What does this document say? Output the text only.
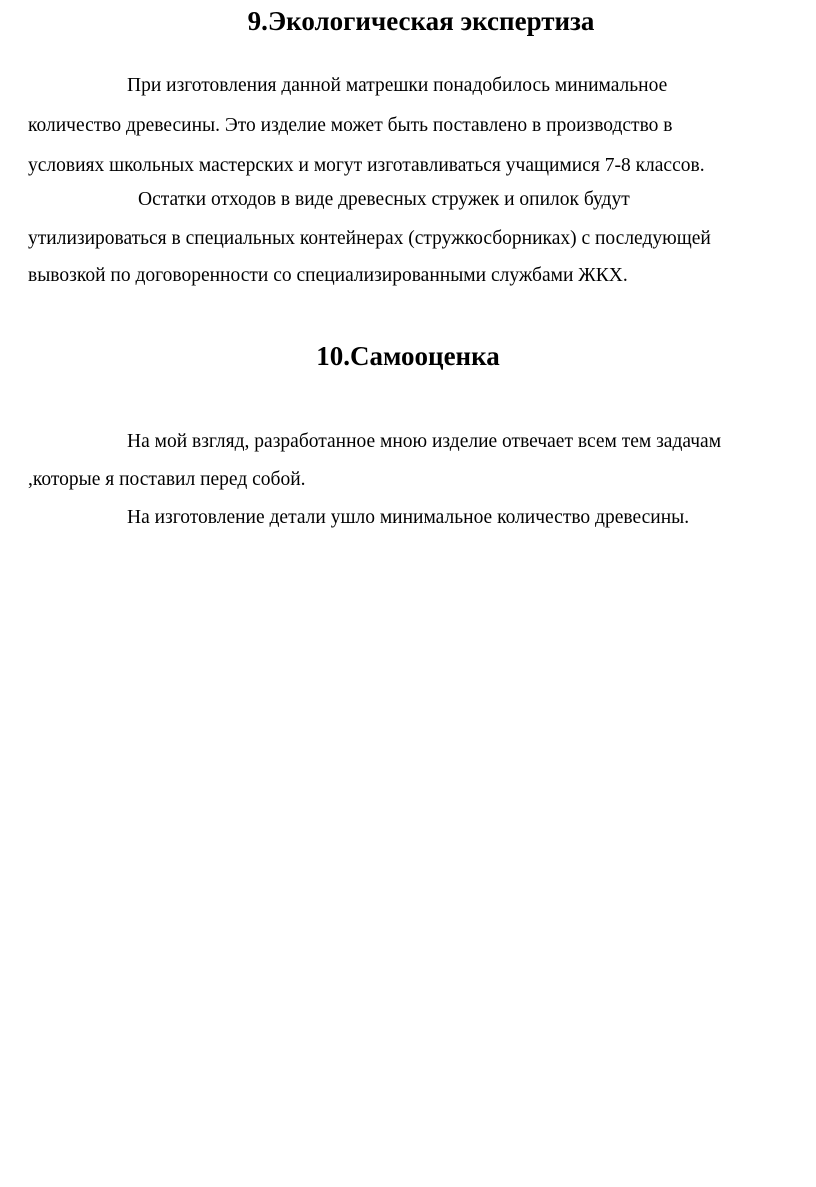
9.Экологическая экспертиза

При изготовления данной матрешки понадобилось минимальное

количество древесины. Это изделие может быть поставлено в производство в

условиях школьных мастерских и могут изготавливаться учащимися 7-8 классов.

Остатки отходов в виде древесных стружек и опилок будут

утилизироваться в специальных контейнерах (стружкосборниках) с последующей

вывозкой по договоренности со специализированными службами ЖКХ.

10.Самооценка

На мой взгляд, разработанное мною изделие отвечает всем тем задачам

,которые я поставил перед собой.

На изготовление детали ушло минимальное количество древесины.
